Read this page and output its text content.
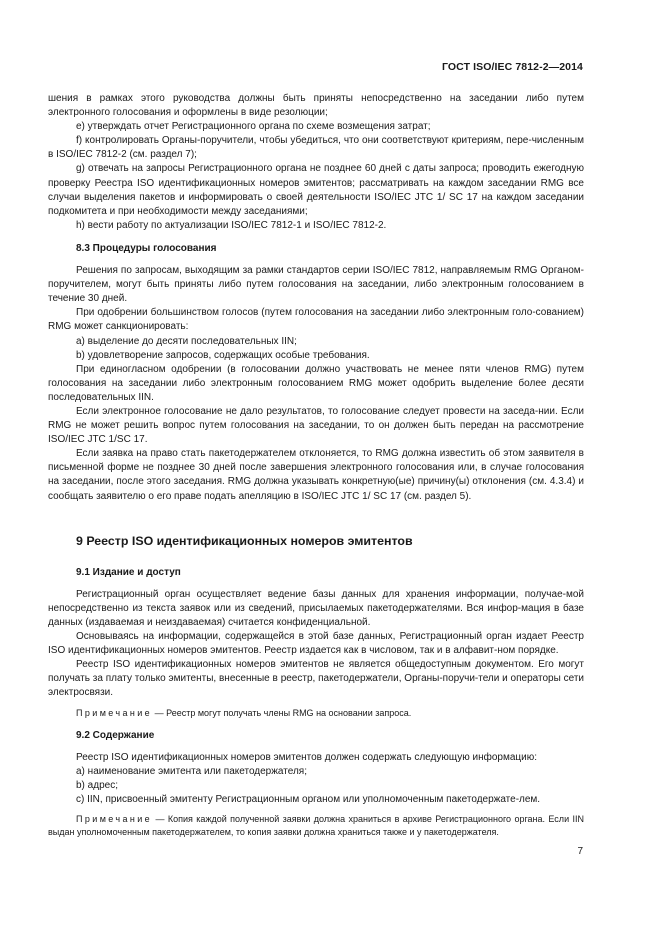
ГОСТ ISO/IEC 7812-2—2014

шения в рамках этого руководства должны быть приняты непосредственно на заседании либо путем электронного голосования и оформлены в виде резолюции;

e) утверждать отчет Регистрационного органа по схеме возмещения затрат;

f) контролировать Органы-поручители, чтобы убедиться, что они соответствуют критериям, пере-численным в ISO/IEC 7812-2 (см. раздел 7);

g) отвечать на запросы Регистрационного органа не позднее 60 дней с даты запроса; проводить ежегодную проверку Реестра ISO идентификационных номеров эмитентов; рассматривать на каждом заседании RMG все случаи выделения пакетов и информировать о своей деятельности ISO/IEC JTC 1/ SC 17 на каждом заседании подкомитета и при необходимости между заседаниями;

h) вести работу по актуализации ISO/IEC 7812-1 и ISO/IEC 7812-2.

8.3 Процедуры голосования

Решения по запросам, выходящим за рамки стандартов серии ISO/IEC 7812, направляемым RMG Органом-поручителем, могут быть приняты либо путем голосования на заседании, либо электронным голосованием в течение 30 дней.

При одобрении большинством голосов (путем голосования на заседании либо электронным голо-сованием) RMG может санкционировать:

a) выделение до десяти последовательных IIN;

b) удовлетворение запросов, содержащих особые требования.

При единогласном одобрении (в голосовании должно участвовать не менее пяти членов RMG) путем голосования на заседании либо электронным голосованием RMG может одобрить выделение более десяти последовательных IIN.

Если электронное голосование не дало результатов, то голосование следует провести на заседа-нии. Если RMG не может решить вопрос путем голосования на заседании, то он должен быть передан на рассмотрение ISO/IEC JTC 1/SC 17.

Если заявка на право стать пакетодержателем отклоняется, то RMG должна известить об этом заявителя в письменной форме не позднее 30 дней после завершения электронного голосования или, в случае голосования на заседании, после этого заседания. RMG должна указывать конкретную(ые) причину(ы) отклонения (см. 4.3.4) и сообщать заявителю о его праве подать апелляцию в ISO/IEC JTC 1/ SC 17 (см. раздел 5).

9 Реестр ISO идентификационных номеров эмитентов
9.1 Издание и доступ

Регистрационный орган осуществляет ведение базы данных для хранения информации, получае-мой непосредственно из текста заявок или из сведений, присылаемых пакетодержателями. Вся инфор-мация в базе данных (издаваемая и неиздаваемая) считается конфиденциальной.

Основываясь на информации, содержащейся в этой базе данных, Регистрационный орган издает Реестр ISO идентификационных номеров эмитентов. Реестр издается как в числовом, так и в алфавит-ном порядке.

Реестр ISO идентификационных номеров эмитентов не является общедоступным документом. Его могут получать за плату только эмитенты, внесенные в реестр, пакетодержатели, Органы-поручи-тели и операторы сети электросвязи.

Примечание — Реестр могут получать члены RMG на основании запроса.

9.2 Содержание

Реестр ISO идентификационных номеров эмитентов должен содержать следующую информацию:

a) наименование эмитента или пакетодержателя;

b) адрес;

c) IIN, присвоенный эмитенту Регистрационным органом или уполномоченным пакетодержате-лем.

Примечание — Копия каждой полученной заявки должна храниться в архиве Регистрационного органа. Если IIN выдан уполномоченным пакетодержателем, то копия заявки должна храниться также и у пакетодержателя.

7
